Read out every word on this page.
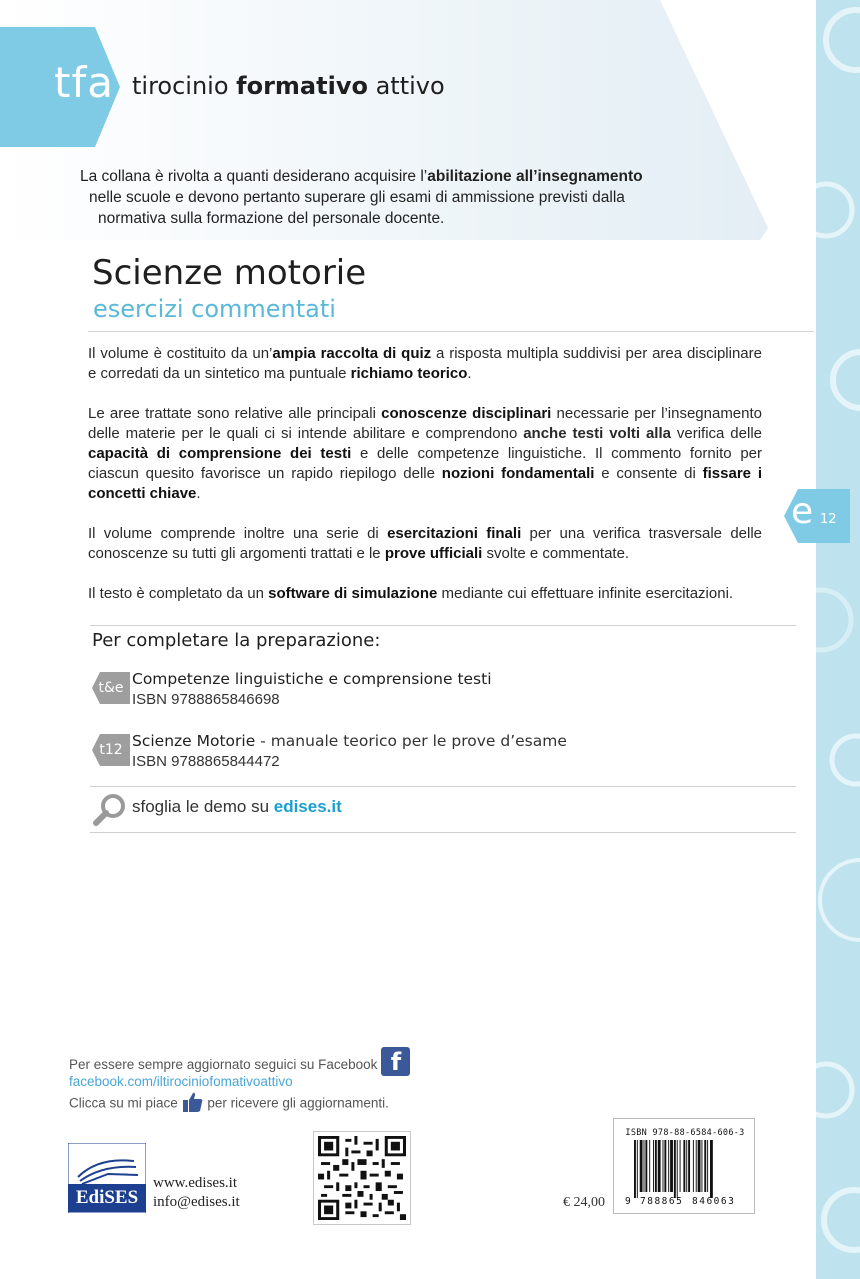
tfa tirocinio formativo attivo

La collana è rivolta a quanti desiderano acquisire l’abilitazione all’insegnamento

nelle scuole e devono pertanto superare gli esami di ammissione previsti dalla

normativa sulla formazione del personale docente.

Scienze motorie
esercizi commentati

Il volume è costituito da un’ampia raccolta di quiz a risposta multipla suddivisi per area disciplinare e corredati da un sintetico ma puntuale richiamo teorico.

Le aree trattate sono relative alle principali conoscenze disciplinari necessarie per l’insegnamento delle materie per le quali ci si intende abilitare e comprendono anche testi volti alla verifica delle capacità di comprensione dei testi e delle competenze linguistiche. Il commento fornito per ciascun quesito favorisce un rapido riepilogo delle nozioni fondamentali e consente di fissare i concetti chiave.

Il volume comprende inoltre una serie di esercitazioni finali per una verifica trasversale delle conoscenze su tutti gli argomenti trattati e le prove ufficiali svolte e commentate.

Il testo è completato da un software di simulazione mediante cui effettuare infinite esercitazioni.

e 12
Per completare la preparazione:
t&e Competenze linguistiche e comprensione testi
ISBN 9788865846698
t12 Scienze Motorie - manuale teorico per le prove d’esame
ISBN 9788865844472
sfoglia le demo su edises.it
Per essere sempre aggiornato seguici su Facebook f
facebook.com/iltirociniofomativoattivo
Clicca su mi piace  per ricevere gli aggiornamenti.
EdiSES
www.edises.it
info@edises.it	€ 24,00
ISBN 978-88-6584-606-3
9 788865 846063
